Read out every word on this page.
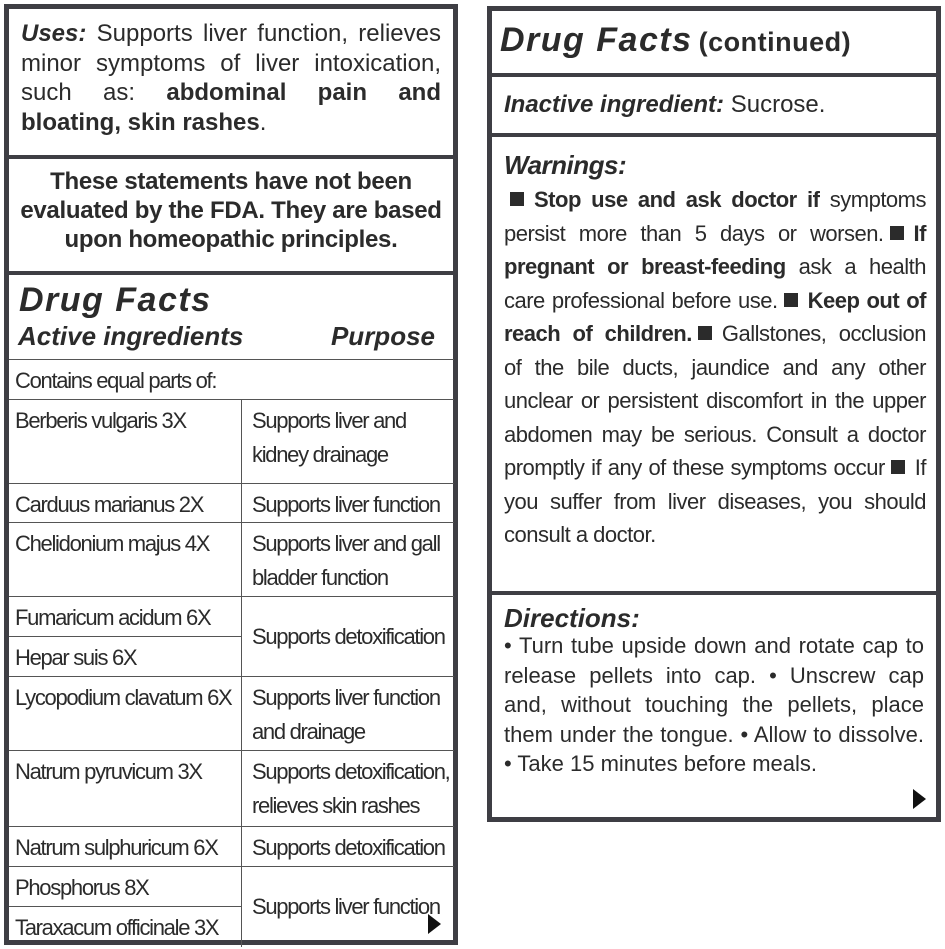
Uses: Supports liver function, relieves minor symptoms of liver intoxication, such as: abdominal pain and bloating, skin rashes.
These statements have not been evaluated by the FDA. They are based upon homeopathic principles.
Drug Facts
Active ingredients	Purpose
Contains equal parts of:	
Berberis vulgaris 3X	Supports liver and kidney drainage
Carduus marianus 2X	Supports liver function
Chelidonium majus 4X	Supports liver and gall bladder function
Fumaricum acidum 6X	Supports detoxification
Hepar suis 6X	
Lycopodium clavatum 6X	Supports liver function and drainage
Natrum pyruvicum 3X	Supports detoxification, relieves skin rashes
Natrum sulphuricum 6X	Supports detoxification
Phosphorus 8X	Supports liver function
Taraxacum officinale 3X	
Drug Facts (continued)
Inactive ingredient: Sucrose.
Warnings:
Stop use and ask doctor if symptoms persist more than 5 days or worsen. If pregnant or breast-feeding ask a health care professional before use. Keep out of reach of children. Gallstones, occlusion of the bile ducts, jaundice and any other unclear or persistent discomfort in the upper abdomen may be serious. Consult a doctor promptly if any of these symptoms occur If you suffer from liver diseases, you should consult a doctor.
Directions:
• Turn tube upside down and rotate cap to release pellets into cap. • Unscrew cap and, without touching the pellets, place them under the tongue. • Allow to dissolve. • Take 15 minutes before meals.
